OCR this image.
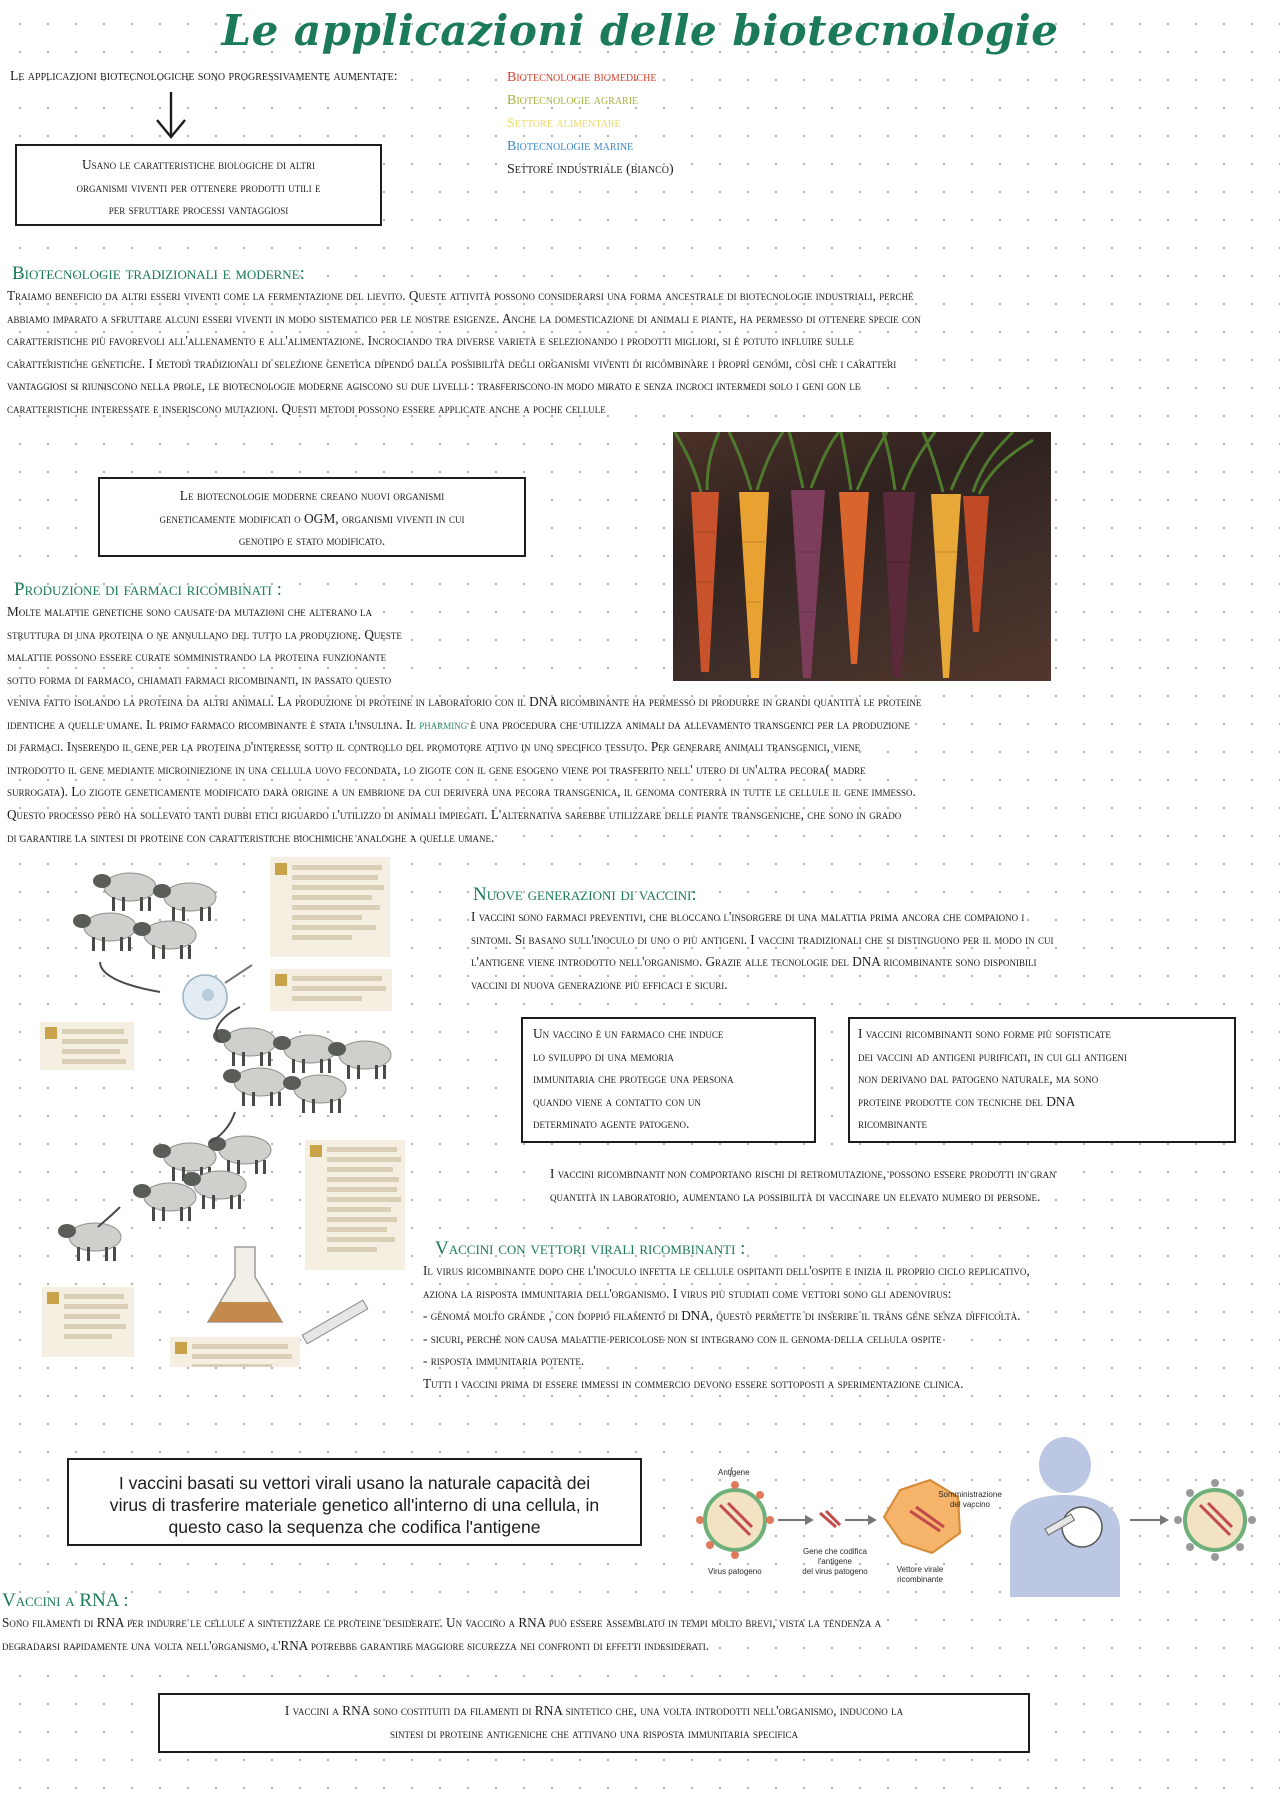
Le applicazioni delle biotecnologie
Le applicazioni biotecnologiche sono progressivamente aumentate:
Usano le caratteristiche biologiche di altri
organismi viventi per ottenere prodotti utili e
per sfruttare processi vantaggiosi
Biotecnologie biomediche
Biotecnologie agrarie
Settore alimentare
Biotecnologie marine
Settore industriale (bianco)
Biotecnologie tradizionali e moderne:
Traiamo beneficio da altri esseri viventi come la fermentazione del lievito. Queste attività possono considerarsi una forma ancestrale di biotecnologie industriali, perché
abbiamo imparato a sfruttare alcuni esseri viventi in modo sistematico per le nostre esigenze. Anche la domesticazione di animali e piante, ha permesso di ottenere specie con
caratteristiche più favorevoli all'allenamento e all'alimentazione. Incrociando tra diverse varietà e selezionando i prodotti migliori, si è potuto influire sulle
caratteristiche genetiche. I metodi tradizionali di selezione genetica dipendo dalla possibilità degli organismi viventi di ricombinare i propri genomi, così che i caratteri
vantaggiosi si riuniscono nella prole, le biotecnologie moderne agiscono su due livelli : trasferiscono in modo mirato e senza incroci intermedi solo i geni con le
caratteristiche interessate e inseriscono mutazioni. Questi metodi possono essere applicate anche a poche cellule
Le biotecnologie moderne creano nuovi organismi
geneticamente modificati o OGM, organismi viventi in cui
genotipo e stato modificato.
Produzione di farmaci ricombinati :
Molte malattie genetiche sono causate da mutazioni che alterano la
struttura di una proteina o ne annullano del tutto la produzione. Queste
malattie possono essere curate somministrando la proteina funzionante
sotto forma di farmaco, chiamati farmaci ricombinanti, in passato questo
veniva fatto isolando la proteina da altri animali. La produzione di proteine in laboratorio con il DNA ricombinante ha permesso di produrre in grandi quantità le proteine
identiche a quelle umane. Il primo farmaco ricombinante è stata l'insulina. Il pharming è una procedura che utilizza animali da allevamento transgenici per la produzione
di farmaci. Inserendo il gene per la proteina d'interesse sotto il controllo del promotore attivo in uno specifico tessuto. Per generare animali transgenici, viene
introdotto il gene mediante microiniezione in una cellula uovo fecondata, lo zigote con il gene esogeno viene poi trasferito nell' utero di un'altra pecora( madre
surrogata). Lo zigote geneticamente modificato darà origine a un embrione da cui deriverà una pecora transgenica, il genoma conterrà in tutte le cellule il gene immesso.
Questo processo però ha sollevato tanti dubbi etici riguardo l'utilizzo di animali impiegati. L'alternativa sarebbe utilizzare delle piante transgeniche, che sono in grado
di garantire la sintesi di proteine con caratteristiche biochimiche analoghe a quelle umane.
Nuove generazioni di vaccini:
I vaccini sono farmaci preventivi, che bloccano l'insorgere di una malattia prima ancora che compaiono i
sintomi. Si basano sull'inoculo di uno o più antigeni. I vaccini tradizionali che si distinguono per il modo in cui
l'antigene viene introdotto nell'organismo. Grazie alle tecnologie del DNA ricombinante sono disponibili
vaccini di nuova generazione più efficaci e sicuri.
Un vaccino è un farmaco che induce
lo sviluppo di una memoria
immunitaria che protegge una persona
quando viene a contatto con un
determinato agente patogeno.
I vaccini ricombinanti sono forme più sofisticate
dei vaccini ad antigeni purificati, in cui gli antigeni
non derivano dal patogeno naturale, ma sono
proteine prodotte con tecniche del DNA
ricombinante
I vaccini ricombinanti non comportano rischi di retromutazione, possono essere prodotti in gran
quantità in laboratorio, aumentano la possibilità di vaccinare un elevato numero di persone.
Vaccini con vettori virali ricombinanti :
Il virus ricombinante dopo che l'inoculo infetta le cellule ospitanti dell'ospite e inizia il proprio ciclo replicativo,
aziona la risposta immunitaria dell'organismo. I virus più studiati come vettori sono gli adenovirus:
- genoma molto grande , con doppio filamento di DNA, questo permette di inserire il trans gene senza difficoltà.
- sicuri, perché non causa malattie pericolose non si integrano con il genoma della cellula ospite
- risposta immunitaria potente.
Tutti i vaccini prima di essere immessi in commercio devono essere sottoposti a sperimentazione clinica.
I vaccini basati su vettori virali usano la naturale capacità dei
virus di trasferire materiale genetico all'interno di una cellula, in
questo caso la sequenza che codifica l'antigene
Antigene
Virus patogeno
Gene che codifica
l'antigene
del virus patogeno	Vettore virale
ricombinante
Somministrazione
del vaccino
Vaccini a RNA :
Sono filamenti di RNA per indurre le cellule a sintetizzare le proteine desiderate. Un vaccino a RNA può essere assemblato in tempi molto brevi, vista la tendenza a
degradarsi rapidamente una volta nell'organismo, l'RNA potrebbe garantire maggiore sicurezza nei confronti di effetti indesiderati.
I vaccini a RNA sono costituiti da filamenti di RNA sintetico che, una volta introdotti nell'organismo, inducono la
sintesi di proteine antigeniche che attivano una risposta immunitaria specifica
